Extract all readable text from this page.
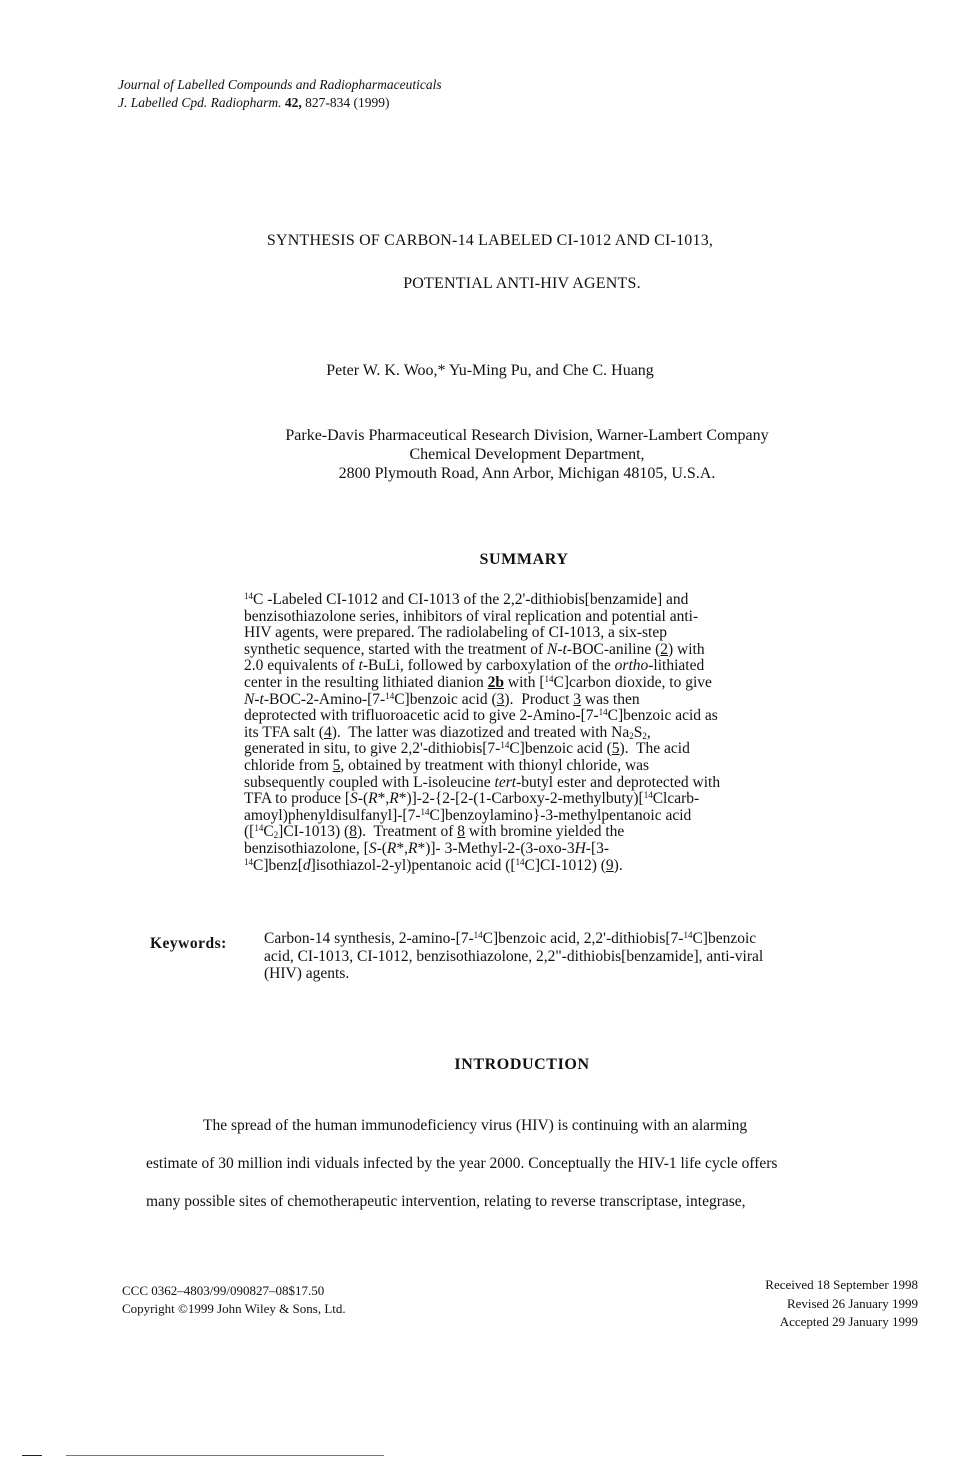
Journal of Labelled Compounds and Radiopharmaceuticals
J. Labelled Cpd. Radiopharm. 42, 827-834 (1999)
SYNTHESIS OF CARBON-14 LABELED CI-1012 AND CI-1013,
POTENTIAL ANTI-HIV AGENTS.
Peter W. K. Woo,* Yu-Ming Pu, and Che C. Huang
Parke-Davis Pharmaceutical Research Division, Warner-Lambert Company
Chemical Development Department,
2800 Plymouth Road, Ann Arbor, Michigan 48105, U.S.A.
SUMMARY
$^{14}$C -Labeled CI-1012 and CI-1013 of the 2,2'-dithiobis[benzamide] and
benzisothiazolone series, inhibitors of viral replication and potential anti-
HIV agents, were prepared. The radiolabeling of CI-1013, a six-step
synthetic sequence, started with the treatment of N-t-BOC-aniline (2) with
2.0 equivalents of t-BuLi, followed by carboxylation of the ortho-lithiated
center in the resulting lithiated dianion 2b with [$^{14}$C]carbon dioxide, to give
N-t-BOC-2-Amino-[7-$^{14}$C]benzoic acid (3).  Product 3 was then
deprotected with trifluoroacetic acid to give 2-Amino-[7-$^{14}$C]benzoic acid as
its TFA salt (4).  The latter was diazotized and treated with $Na_2S_2$,
generated in situ, to give 2,2'-dithiobis[7-$^{14}$C]benzoic acid (5).  The acid
chloride from 5, obtained by treatment with thionyl chloride, was
subsequently coupled with L-isoleucine tert-butyl ester and deprotected with
TFA to produce [S-(R*,R*)]-2-{2-[2-(1-Carboxy-2-methylbuty)[$^{14}$Clcarb-
amoyl)phenyldisulfanyl]-[7-$^{14}$C]benzoylamino}-3-methylpentanoic acid
$([^{14}C_2]CI-1013)$ (8).  Treatment of 8 with bromine yielded the
benzisothiazolone, [S-(R*,R*)]- 3-Methyl-2-(3-oxo-3H-[3-
$^{14}$C]benz[d]isothiazol-2-yl)pentanoic acid ([$^{14}$C]CI-1012) (9).
Keywords: Carbon-14 synthesis, 2-amino-[7-$^{14}$C]benzoic acid, 2,2'-dithiobis[7-$^{14}$C]benzoic
acid, CI-1013, CI-1012, benzisothiazolone, 2,2"-dithiobis[benzamide], anti-viral
(HIV) agents.
INTRODUCTION
The spread of the human immunodeficiency virus (HIV) is continuing with an alarming
estimate of 30 million indi viduals infected by the year 2000. Conceptually the HIV-1 life cycle offers
many possible sites of chemotherapeutic intervention, relating to reverse transcriptase, integrase,
CCC 0362–4803/99/090827–08$17.50
Copyright ©1999 John Wiley & Sons, Ltd.
Received 18 September 1998
Revised 26 January 1999
Accepted 29 January 1999
